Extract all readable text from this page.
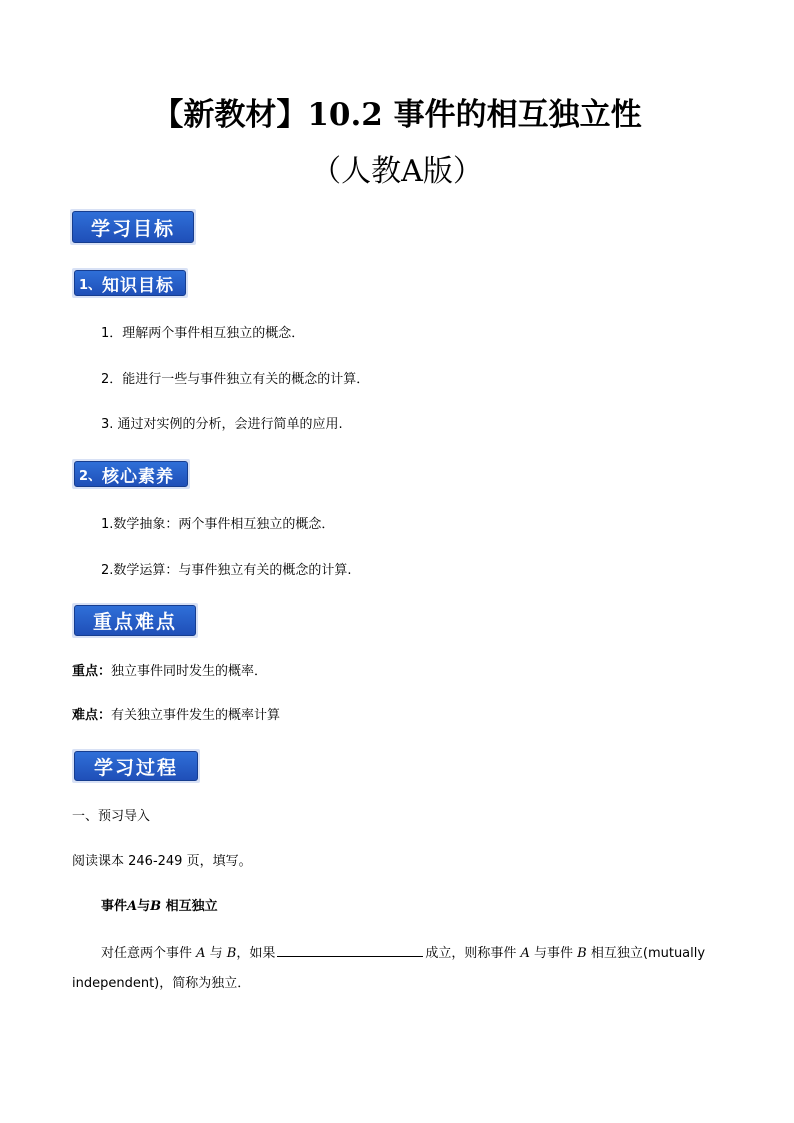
【新教材】10.2 事件的相互独立性
（人教A版）
学习目标
1、 知识目标

1．理解两个事件相互独立的概念．

2．能进行一些与事件独立有关的概念的计算．

3. 通过对实例的分析，会进行简单的应用.

2、 核心素养

1.数学抽象：两个事件相互独立的概念．

2.数学运算：与事件独立有关的概念的计算.

重点难点

重点：独立事件同时发生的概率．

难点：有关独立事件发生的概率计算

学习过程

一、预习导入

阅读课本 246-249 页，填写。

事件A与B 相互独立

对任意两个事件 A 与 B，如果	成立，则称事件 A 与事件 B 相互独立(mutually

independent)，简称为独立．
